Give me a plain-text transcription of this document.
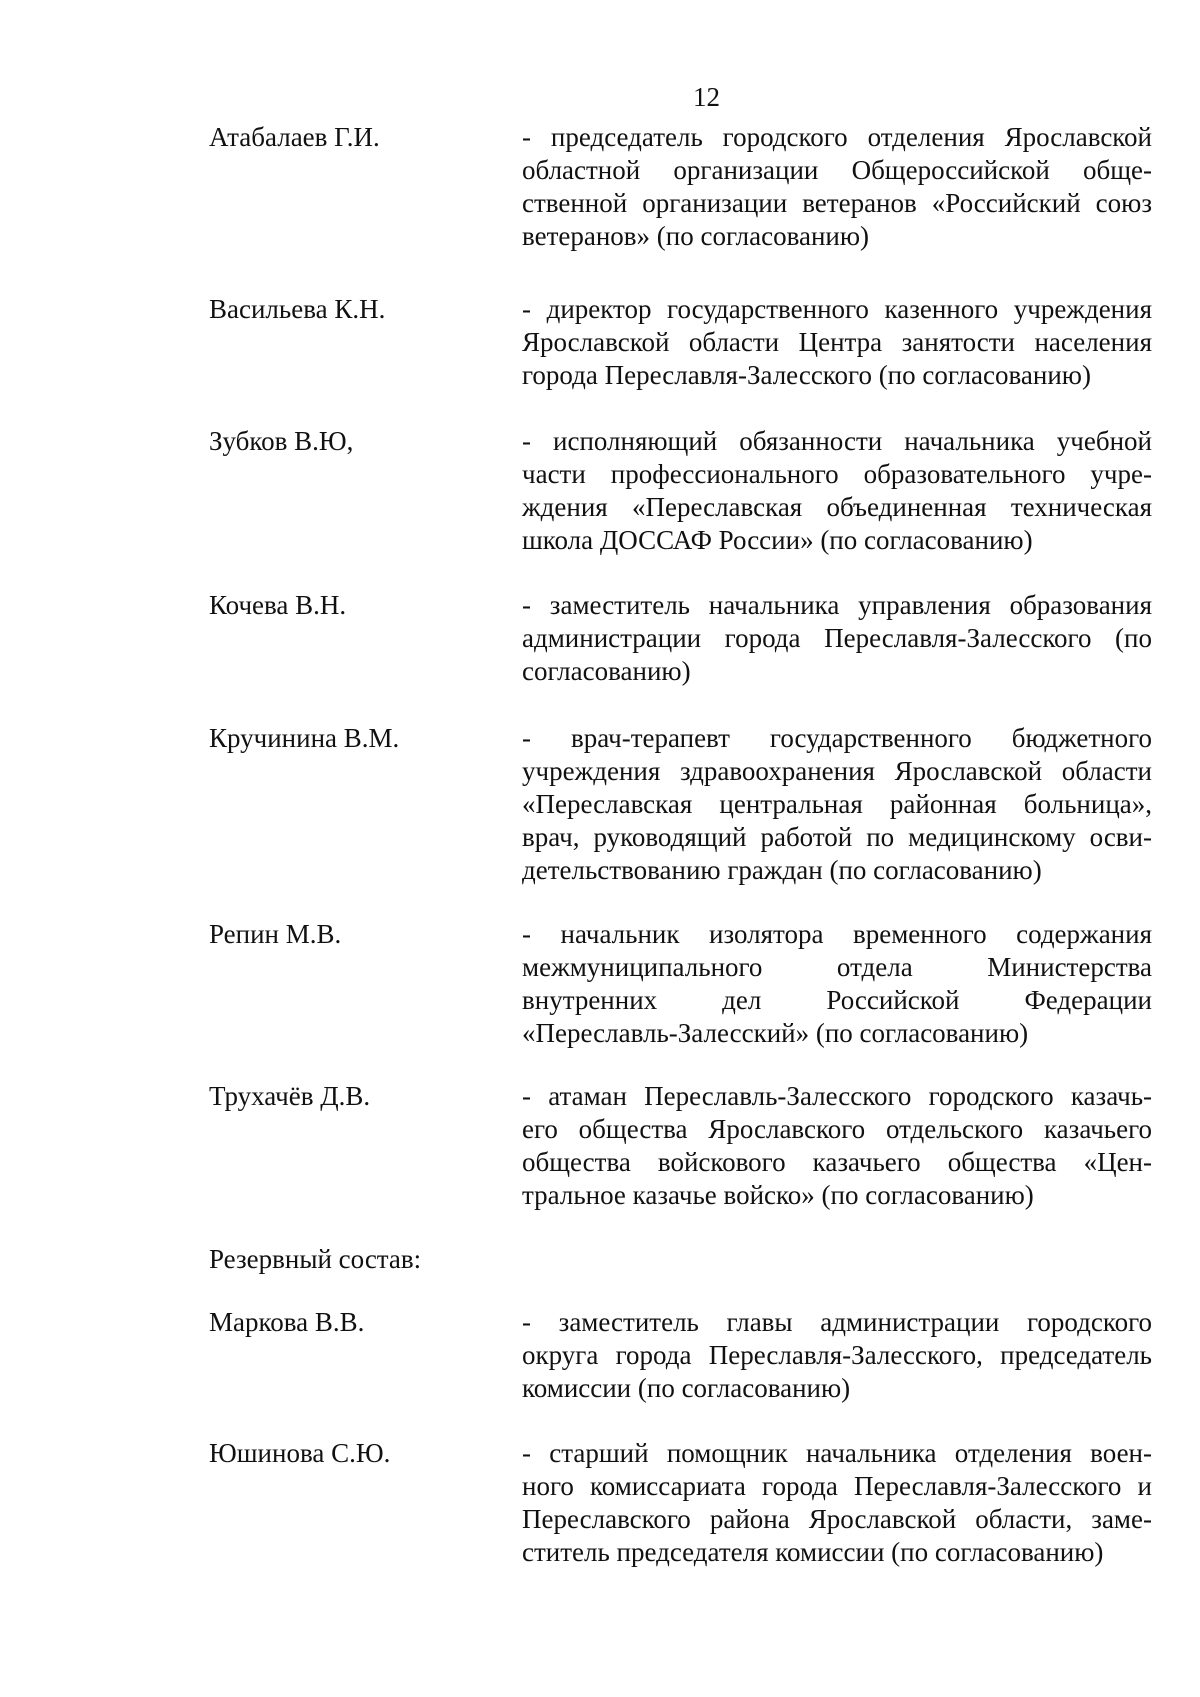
12
Атабалаев Г.И.	- председатель городского отделения Ярославской
областной организации Общероссийской обще-
ственной организации ветеранов «Российский союз
ветеранов» (по согласованию)
Васильева К.Н.	- директор государственного казенного учреждения
Ярославской области Центра занятости населения
города Переславля-Залесского (по согласованию)
Зубков В.Ю,	- исполняющий обязанности начальника учебной
части профессионального образовательного учре-
ждения «Переславская объединенная техническая
школа ДОССАФ России» (по согласованию)
Кочева В.Н.	- заместитель начальника управления образования
администрации города Переславля-Залесского (по
согласованию)
Кручинина В.М.	- врач-терапевт государственного бюджетного
учреждения здравоохранения Ярославской области
«Переславская центральная районная больница»,
врач, руководящий работой по медицинскому осви-
детельствованию граждан (по согласованию)
Репин М.В.	- начальник изолятора временного содержания
межмуниципального отдела Министерства
внутренних дел Российской Федерации
«Переславль-Залесский» (по согласованию)
Трухачёв Д.В.	- атаман Переславль-Залесского городского казачь-
его общества Ярославского отдельского казачьего
общества войскового казачьего общества «Цен-
тральное казачье войско» (по согласованию)
Резервный состав:
Маркова В.В.	- заместитель главы администрации городского
округа города Переславля-Залесского, председатель
комиссии (по согласованию)
Юшинова С.Ю.	- старший помощник начальника отделения воен-
ного комиссариата города Переславля-Залесского и
Переславского района Ярославской области, заме-
ститель председателя комиссии (по согласованию)
